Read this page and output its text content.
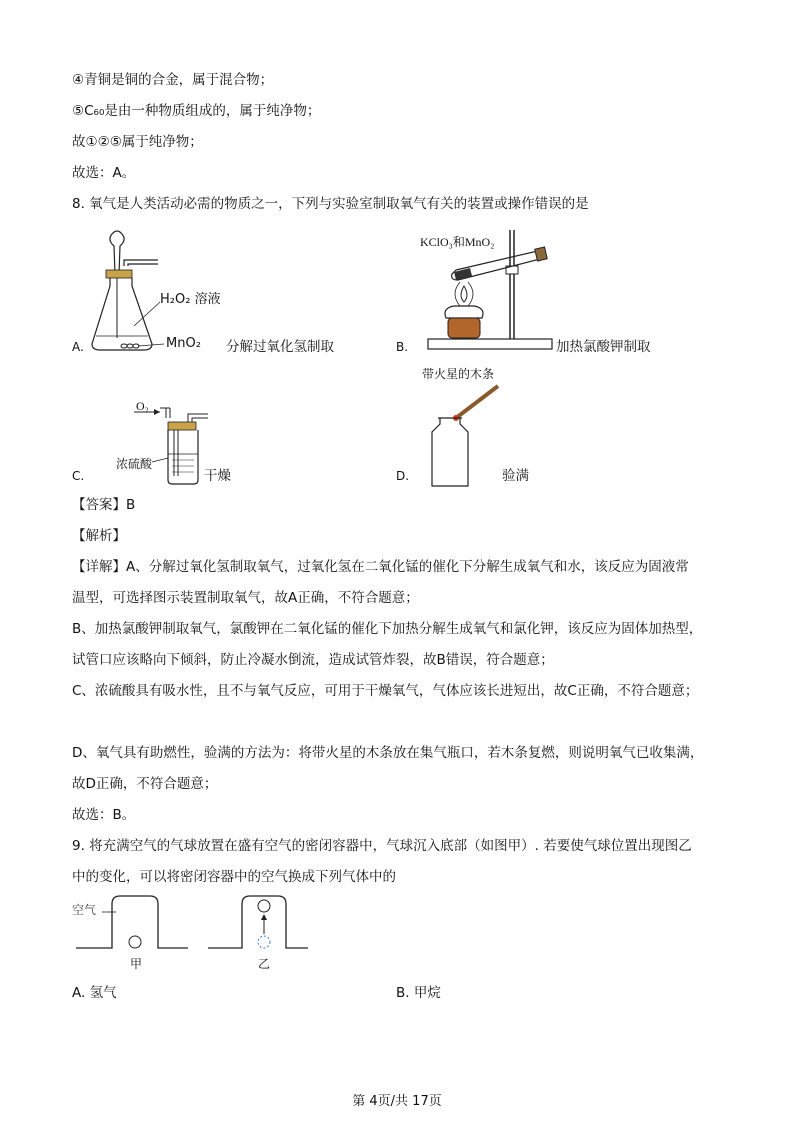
④青铜是铜的合金，属于混合物；
⑤C₆₀是由一种物质组成的，属于纯净物；
故①②⑤属于纯净物；
故选：A。
8. 氧气是人类活动必需的物质之一，下列与实验室制取氧气有关的装置或操作错误的是
H₂O₂ 溶液
MnO₂
A.	分解过氧化氢制取
KClO₃和MnO₂
B.	加热氯酸钾制取
O₂
浓硫酸
C.	干燥
带火星的木条
D.	验满
【答案】B
【解析】
【详解】A、分解过氧化氢制取氧气，过氧化氢在二氧化锰的催化下分解生成氧气和水，该反应为固液常
温型，可选择图示装置制取氧气，故A正确，不符合题意；
B、加热氯酸钾制取氧气，氯酸钾在二氧化锰的催化下加热分解生成氧气和氯化钾，该反应为固体加热型，
试管口应该略向下倾斜，防止冷凝水倒流，造成试管炸裂，故B错误，符合题意；
C、浓硫酸具有吸水性，且不与氧气反应，可用于干燥氧气，气体应该长进短出，故C正确，不符合题意；
D、氧气具有助燃性，验满的方法为：将带火星的木条放在集气瓶口，若木条复燃，则说明氧气已收集满，
故D正确，不符合题意；
故选：B。
9. 将充满空气的气球放置在盛有空气的密闭容器中，气球沉入底部（如图甲）. 若要使气球位置出现图乙
中的变化，可以将密闭容器中的空气换成下列气体中的
空气
甲	乙
A. 氢气	B. 甲烷
第 4页/共 17页
